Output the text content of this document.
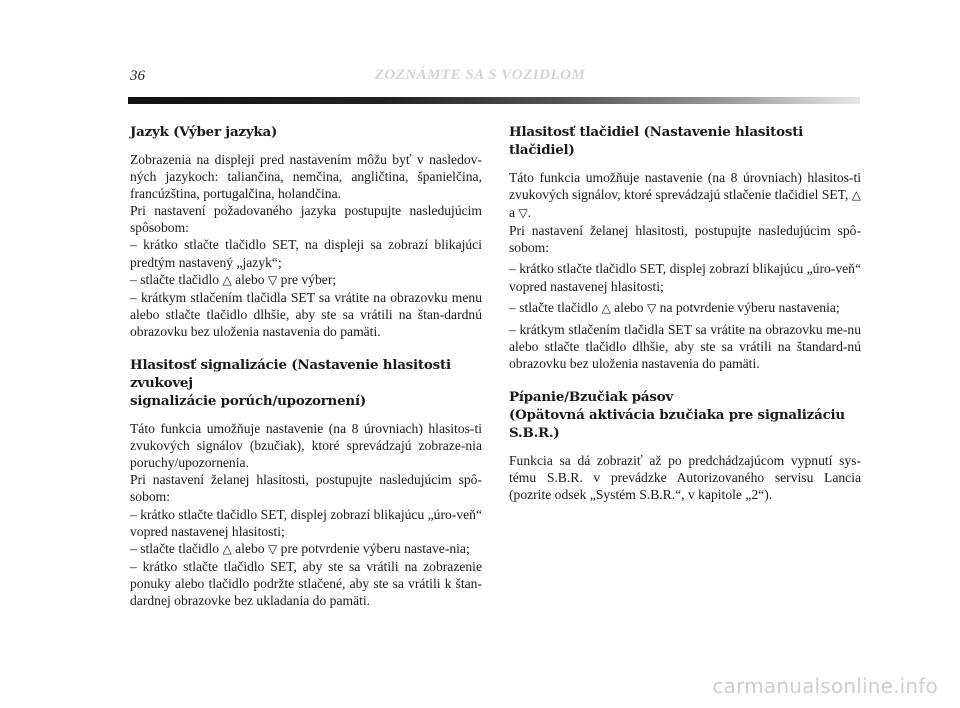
36	ZOZNÁMTE SA S VOZIDLOM
Jazyk (Výber jazyka)

Zobrazenia na displeji pred nastavením môžu byť v nasledov-ných jazykoch: taliančina, nemčina, angličtina, španielčina, francúzština, portugalčina, holandčina.

Pri nastavení požadovaného jazyka postupujte nasledujúcim spôsobom:

– krátko stlačte tlačidlo SET, na displeji sa zobrazí blikajúci predtým nastavený „jazyk“;

– stlačte tlačidlo △ alebo ▽ pre výber;

– krátkym stlačením tlačidla SET sa vrátite na obrazovku menu alebo stlačte tlačidlo dlhšie, aby ste sa vrátili na štan-dardnú obrazovku bez uloženia nastavenia do pamäti.

Hlasitosť signalizácie (Nastavenie hlasitosti zvukovej
signalizácie porúch/upozornení)

Táto funkcia umožňuje nastavenie (na 8 úrovniach) hlasitos-ti zvukových signálov (bzučiak), ktoré sprevádzajú zobraze-nia poruchy/upozornenia.

Pri nastavení želanej hlasitosti, postupujte nasledujúcim spô-sobom:

– krátko stlačte tlačidlo SET, displej zobrazí blikajúcu „úro-veň“ vopred nastavenej hlasitosti;

– stlačte tlačidlo △ alebo ▽ pre potvrdenie výberu nastave-nia;

– krátko stlačte tlačidlo SET, aby ste sa vrátili na zobrazenie ponuky alebo tlačidlo podržte stlačené, aby ste sa vrátili k štan-dardnej obrazovke bez ukladania do pamäti.

Hlasitosť tlačidiel (Nastavenie hlasitosti tlačidiel)

Táto funkcia umožňuje nastavenie (na 8 úrovniach) hlasitos-ti zvukových signálov, ktoré sprevádzajú stlačenie tlačidiel SET, △ a ▽.

Pri nastavení želanej hlasitosti, postupujte nasledujúcim spô-sobom:

– krátko stlačte tlačidlo SET, displej zobrazí blikajúcu „úro-veň“ vopred nastavenej hlasitosti;

– stlačte tlačidlo △ alebo ▽ na potvrdenie výberu nastavenia;

– krátkym stlačením tlačidla SET sa vrátite na obrazovku me-nu alebo stlačte tlačidlo dlhšie, aby ste sa vrátili na štandard-nú obrazovku bez uloženia nastavenia do pamäti.

Pípanie/Bzučiak pásov
(Opätovná aktivácia bzučiaka pre signalizáciu S.B.R.)

Funkcia sa dá zobraziť až po predchádzajúcom vypnutí sys-tému S.B.R. v prevádzke Autorizovaného servisu Lancia (pozrite odsek „Systém S.B.R.“, v kapitole „2“).

carmanualsonline.info
